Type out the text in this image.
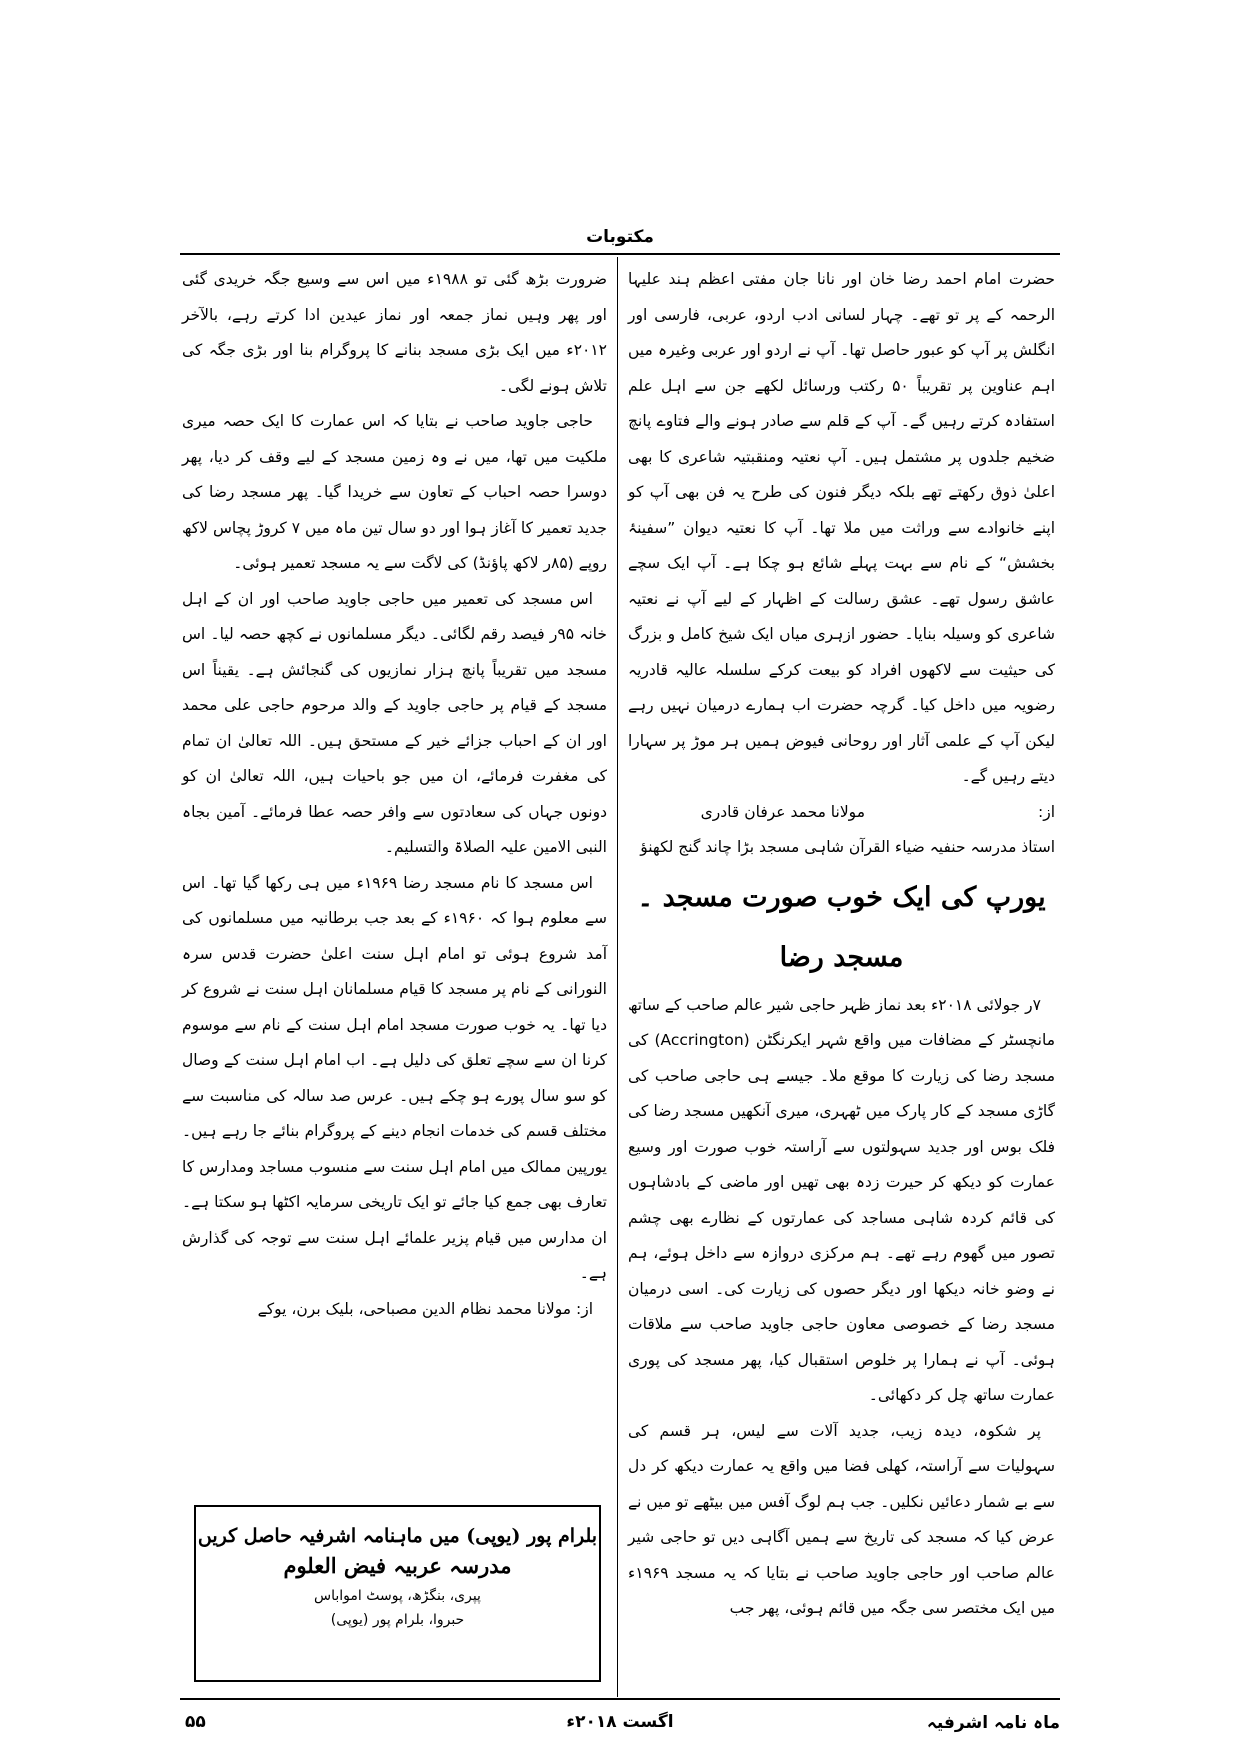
مکتوبات

حضرت امام احمد رضا خان اور نانا جان مفتی اعظم ہند علیہا الرحمہ کے پر تو تھے۔ چہار لسانی ادب اردو، عربی، فارسی اور انگلش پر آپ کو عبور حاصل تھا۔ آپ نے اردو اور عربی وغیرہ میں اہم عناوین پر تقریباً ۵۰ رکتب ورسائل لکھے جن سے اہل علم استفادہ کرتے رہیں گے۔ آپ کے قلم سے صادر ہونے والے فتاوے پانچ ضخیم جلدوں پر مشتمل ہیں۔ آپ نعتیہ ومنقبتیہ شاعری کا بھی اعلیٰ ذوق رکھتے تھے بلکہ دیگر فنون کی طرح یہ فن بھی آپ کو اپنے خانوادے سے وراثت میں ملا تھا۔ آپ کا نعتیہ دیوان ”سفینۂ بخشش“ کے نام سے بہت پہلے شائع ہو چکا ہے۔ آپ ایک سچے عاشق رسول تھے۔ عشق رسالت کے اظہار کے لیے آپ نے نعتیہ شاعری کو وسیلہ بنایا۔ حضور ازہری میاں ایک شیخ کامل و بزرگ کی حیثیت سے لاکھوں افراد کو بیعت کرکے سلسلہ عالیہ قادریہ رضویہ میں داخل کیا۔ گرچہ حضرت اب ہمارے درمیان نہیں رہے لیکن آپ کے علمی آثار اور روحانی فیوض ہمیں ہر موڑ پر سہارا دیتے رہیں گے۔

از:
مولانا محمد عرفان قادری

استاذ مدرسہ حنفیہ ضیاء القرآن شاہی مسجد بڑا چاند گنج لکھنؤ

یورپ کی ایک خوب صورت مسجد ۔ مسجد رضا

۷ر جولائی ۲۰۱۸ء بعد نماز ظہر حاجی شیر عالم صاحب کے ساتھ مانچسٹر کے مضافات میں واقع شہر ایکرنگٹن (Accrington) کی مسجد رضا کی زیارت کا موقع ملا۔ جیسے ہی حاجی صاحب کی گاڑی مسجد کے کار پارک میں ٹھہری، میری آنکھیں مسجد رضا کی فلک بوس اور جدید سہولتوں سے آراستہ خوب صورت اور وسیع عمارت کو دیکھ کر حیرت زدہ بھی تھیں اور ماضی کے بادشاہوں کی قائم کردہ شاہی مساجد کی عمارتوں کے نظارے بھی چشم تصور میں گھوم رہے تھے۔ ہم مرکزی دروازہ سے داخل ہوئے، ہم نے وضو خانہ دیکھا اور دیگر حصوں کی زیارت کی۔ اسی درمیان مسجد رضا کے خصوصی معاون حاجی جاوید صاحب سے ملاقات ہوئی۔ آپ نے ہمارا پر خلوص استقبال کیا، پھر مسجد کی پوری عمارت ساتھ چل کر دکھائی۔

پر شکوہ، دیدہ زیب، جدید آلات سے لیس، ہر قسم کی سہولیات سے آراستہ، کھلی فضا میں واقع یہ عمارت دیکھ کر دل سے بے شمار دعائیں نکلیں۔ جب ہم لوگ آفس میں بیٹھے تو میں نے عرض کیا کہ مسجد کی تاریخ سے ہمیں آگاہی دیں تو حاجی شیر عالم صاحب اور حاجی جاوید صاحب نے بتایا کہ یہ مسجد ۱۹۶۹ء میں ایک مختصر سی جگہ میں قائم ہوئی، پھر جب

ضرورت بڑھ گئی تو ۱۹۸۸ء میں اس سے وسیع جگہ خریدی گئی اور پھر وہیں نماز جمعہ اور نماز عیدین ادا کرتے رہے، بالآخر ۲۰۱۲ء میں ایک بڑی مسجد بنانے کا پروگرام بنا اور بڑی جگہ کی تلاش ہونے لگی۔

حاجی جاوید صاحب نے بتایا کہ اس عمارت کا ایک حصہ میری ملکیت میں تھا، میں نے وہ زمین مسجد کے لیے وقف کر دیا، پھر دوسرا حصہ احباب کے تعاون سے خریدا گیا۔ پھر مسجد رضا کی جدید تعمیر کا آغاز ہوا اور دو سال تین ماہ میں ۷ کروڑ پچاس لاکھ روپے (۸۵ر لاکھ پاؤنڈ) کی لاگت سے یہ مسجد تعمیر ہوئی۔

اس مسجد کی تعمیر میں حاجی جاوید صاحب اور ان کے اہل خانہ ۹۵ر فیصد رقم لگائی۔ دیگر مسلمانوں نے کچھ حصہ لیا۔ اس مسجد میں تقریباً پانچ ہزار نمازیوں کی گنجائش ہے۔ یقیناً اس مسجد کے قیام پر حاجی جاوید کے والد مرحوم حاجی علی محمد اور ان کے احباب جزائے خیر کے مستحق ہیں۔ اللہ تعالیٰ ان تمام کی مغفرت فرمائے، ان میں جو باحیات ہیں، اللہ تعالیٰ ان کو دونوں جہاں کی سعادتوں سے وافر حصہ عطا فرمائے۔ آمین بجاہ النبی الامین علیہ الصلاۃ والتسلیم۔

اس مسجد کا نام مسجد رضا ۱۹۶۹ء میں ہی رکھا گیا تھا۔ اس سے معلوم ہوا کہ ۱۹۶۰ء کے بعد جب برطانیہ میں مسلمانوں کی آمد شروع ہوئی تو امام اہل سنت اعلیٰ حضرت قدس سرہ النورانی کے نام پر مسجد کا قیام مسلمانان اہل سنت نے شروع کر دیا تھا۔ یہ خوب صورت مسجد امام اہل سنت کے نام سے موسوم کرنا ان سے سچے تعلق کی دلیل ہے۔ اب امام اہل سنت کے وصال کو سو سال پورے ہو چکے ہیں۔ عرس صد سالہ کی مناسبت سے مختلف قسم کی خدمات انجام دینے کے پروگرام بنائے جا رہے ہیں۔ یورپین ممالک میں امام اہل سنت سے منسوب مساجد ومدارس کا تعارف بھی جمع کیا جائے تو ایک تاریخی سرمایہ اکٹھا ہو سکتا ہے۔ ان مدارس میں قیام پزیر علمائے اہل سنت سے توجہ کی گذارش ہے۔

از: مولانا محمد نظام الدین مصباحی، بلیک برن، یوکے

بلرام پور (یوپی) میں ماہنامہ اشرفیہ حاصل کریں
مدرسہ عربیہ فیض العلوم
پپری، بنگڑھ، پوسٹ امواباس
حبروا، بلرام پور (یوپی)
ماہ نامہ اشرفیہ
اگست ۲۰۱۸ء
۵۵
